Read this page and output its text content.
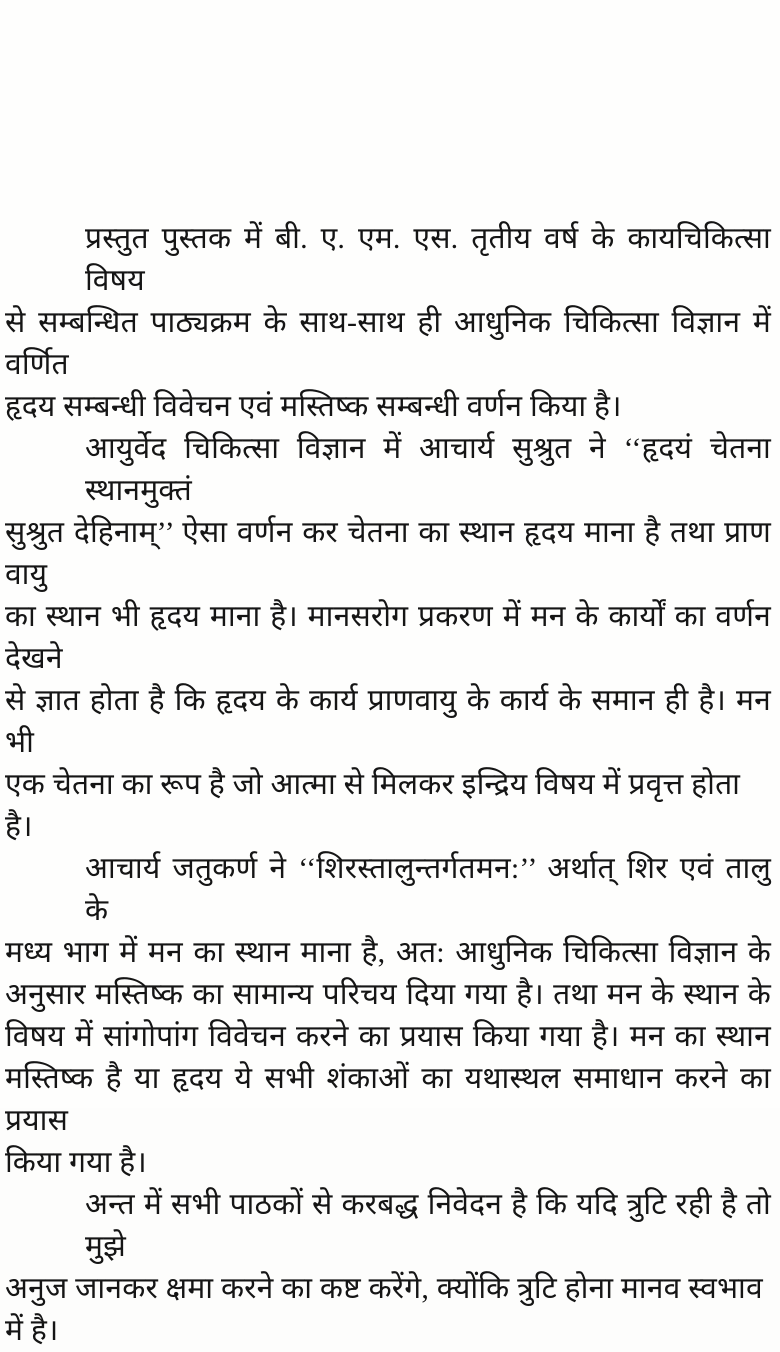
प्रस्तुत पुस्तक में बी. ए. एम. एस. तृतीय वर्ष के कायचिकित्सा विषय
से सम्बन्धित पाठ्यक्रम के साथ-साथ ही आधुनिक चिकित्सा विज्ञान में वर्णित
हृदय सम्बन्धी विवेचन एवं मस्तिष्क सम्बन्धी वर्णन किया है।
आयुर्वेद चिकित्सा विज्ञान में आचार्य सुश्रुत ने ‘‘हृदयं चेतना स्थानमुक्तं
सुश्रुत देहिनाम्’’ ऐसा वर्णन कर चेतना का स्थान हृदय माना है तथा प्राण वायु
का स्थान भी हृदय माना है। मानसरोग प्रकरण में मन के कार्यों का वर्णन देखने
से ज्ञात होता है कि हृदय के कार्य प्राणवायु के कार्य के समान ही है। मन भी
एक चेतना का रूप है जो आत्मा से मिलकर इन्द्रिय विषय में प्रवृत्त होता है।
आचार्य जतुकर्ण ने ‘‘शिरस्तालुन्तर्गतमन:’’ अर्थात् शिर एवं तालु के
मध्य भाग में मन का स्थान माना है, अत: आधुनिक चिकित्सा विज्ञान के
अनुसार मस्तिष्क का सामान्य परिचय दिया गया है। तथा मन के स्थान के
विषय में सांगोपांग विवेचन करने का प्रयास किया गया है। मन का स्थान
मस्तिष्क है या हृदय ये सभी शंकाओं का यथास्थल समाधान करने का प्रयास
किया गया है।
अन्त में सभी पाठकों से करबद्ध निवेदन है कि यदि त्रुटि रही है तो मुझे
अनुज जानकर क्षमा करने का कष्ट करेंगे, क्योंकि त्रुटि होना मानव स्वभाव में है।
